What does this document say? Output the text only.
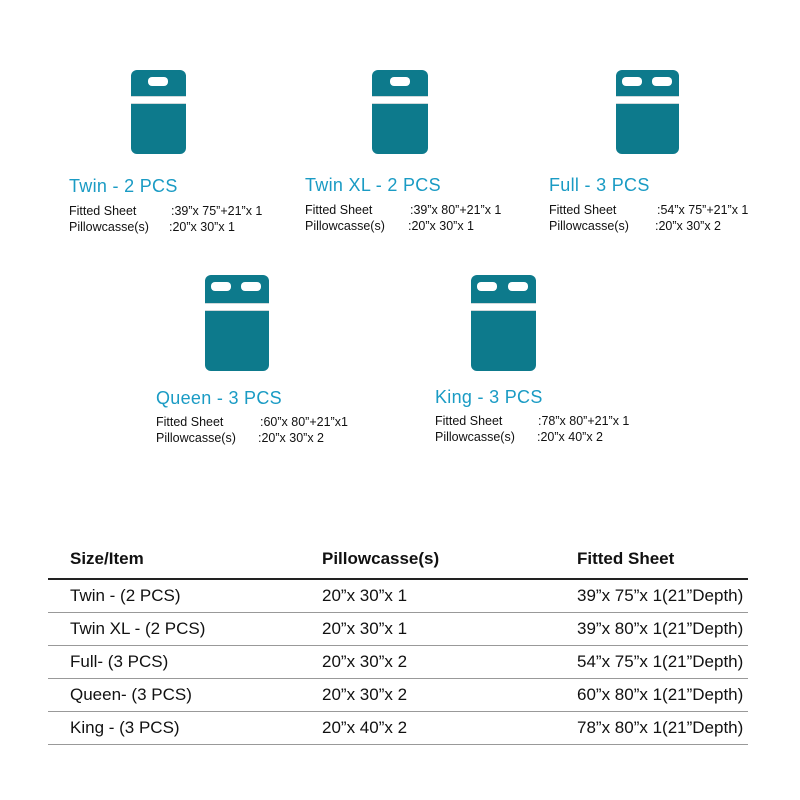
Twin - 2 PCS
Fitted Sheet	:39”x 75”+21”x 1
Pillowcasse(s) :20”x 30”x 1
Twin XL - 2 PCS
Fitted Sheet	:39”x 80”+21”x 1
Pillowcasse(s) :20”x 30”x 1
Full - 3 PCS
Fitted Sheet	:54”x 75”+21”x 1
Pillowcasse(s) :20”x 30”x 2
Queen - 3 PCS
Fitted Sheet	:60”x 80”+21”x1
Pillowcasse(s) :20”x 30”x 2
King - 3 PCS
Fitted Sheet	:78”x 80”+21”x 1
Pillowcasse(s) :20”x 40”x 2
Size/Item	Pillowcasse(s)	Fitted Sheet
Twin - (2 PCS)	20”x 30”x 1	39”x 75”x 1(21”Depth)
Twin XL - (2 PCS)	20”x 30”x 1	39”x 80”x 1(21”Depth)
Full- (3 PCS)	20”x 30”x 2	54”x 75”x 1(21”Depth)
Queen- (3 PCS)	20”x 30”x 2	60”x 80”x 1(21”Depth)
King - (3 PCS)	20”x 40”x 2	78”x 80”x 1(21”Depth)
